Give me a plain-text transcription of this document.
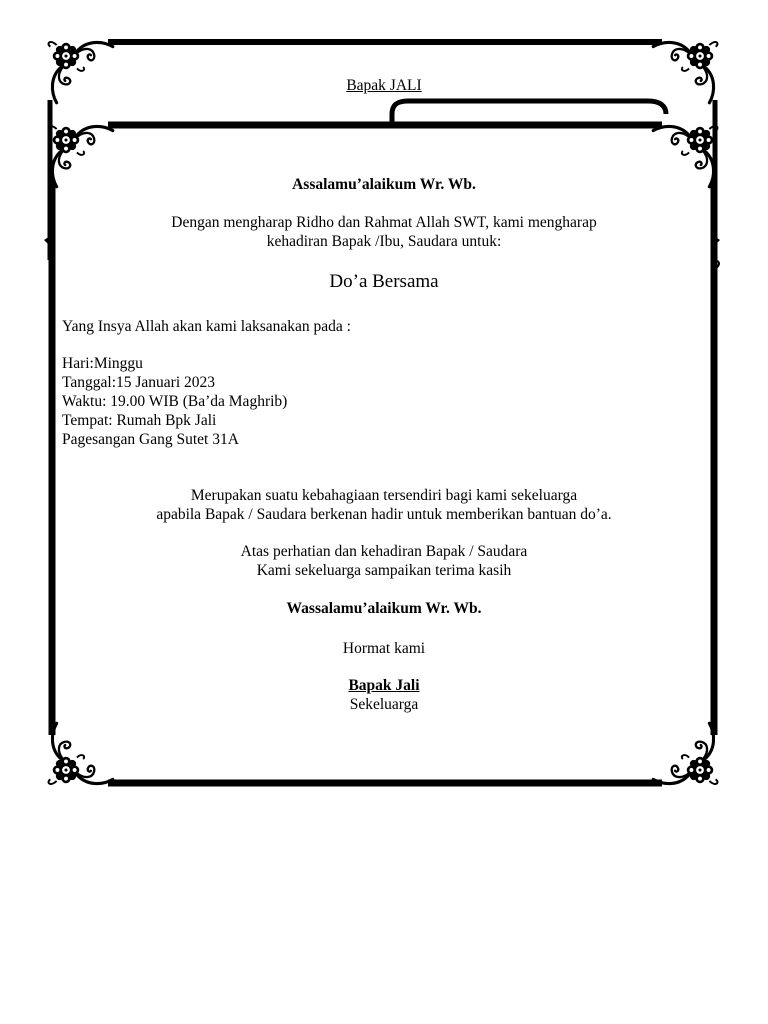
Bapak JALI
Assalamu’alaikum Wr. Wb.
Dengan mengharap Ridho dan Rahmat Allah SWT, kami mengharap
kehadiran Bapak /Ibu, Saudara untuk:
Do’a Bersama
Yang Insya Allah akan kami laksanakan pada :
Hari:Minggu
Tanggal:15 Januari 2023
Waktu: 19.00 WIB (Ba’da Maghrib)
Tempat: Rumah Bpk Jali
Pagesangan Gang Sutet 31A
Merupakan suatu kebahagiaan tersendiri bagi kami sekeluarga
apabila Bapak / Saudara berkenan hadir untuk memberikan bantuan do’a.
Atas perhatian dan kehadiran Bapak / Saudara
Kami sekeluarga sampaikan terima kasih
Wassalamu’alaikum Wr. Wb.
Hormat kami
Bapak Jali
Sekeluarga
